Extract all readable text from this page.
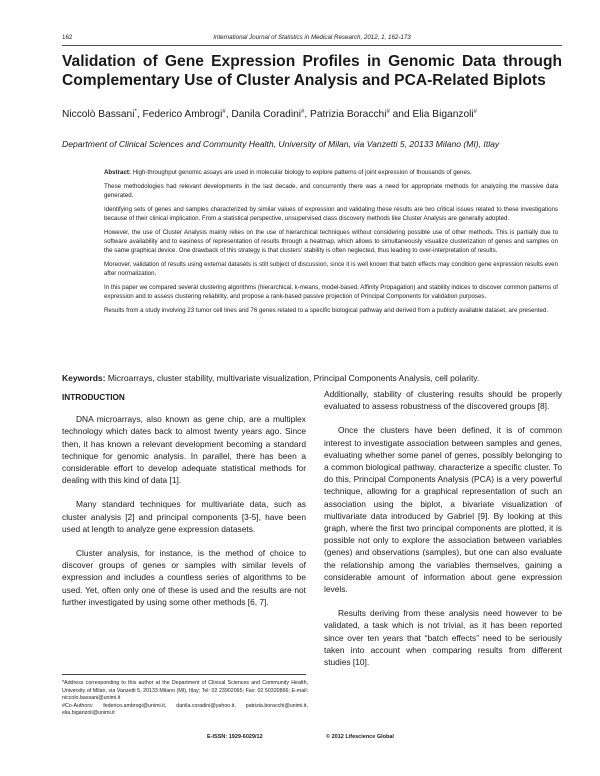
162	International Journal of Statistics in Medical Research, 2012, 1, 162-173
Validation of Gene Expression Profiles in Genomic Data through
Complementary Use of Cluster Analysis and PCA-Related Biplots
Niccolò Bassani*, Federico Ambrogi#, Danila Coradini#, Patrizia Boracchi# and Elia Biganzoli#
Department of Clinical Sciences and Community Health, University of Milan, via Vanzetti 5, 20133 Milano (MI), Itlay

Abstract: High-throughput genomic assays are used in molecular biology to explore patterns of joint expression of thousands of genes.

These methodologies had relevant developments in the last decade, and concurrently there was a need for appropriate methods for analyzing the massive data generated.

Identifying sets of genes and samples characterized by similar values of expression and validating these results are two critical issues related to these investigations because of their clinical implication. From a statistical perspective, unsupervised class discovery methods like Cluster Analysis are generally adopted.

However, the use of Cluster Analysis mainly relies on the use of hierarchical techniques without considering possible use of other methods. This is partially due to software availability and to easiness of representation of results through a heatmap, which allows to simultaneously visualize clusterization of genes and samples on the same graphical device. One drawback of this strategy is that clusters' stability is often neglected, thus leading to over-interpretation of results.

Moreover, validation of results using external datasets is still subject of discussion, since it is well known that batch effects may condition gene expression results even after normalization.

In this paper we compared several clustering algorithms (hierarchical, k-means, model-based, Affinity Propagation) and stability indices to discover common patterns of expression and to assess clustering reliability, and propose a rank-based passive projection of Principal Components for validation purposes.

Results from a study involving 23 tumor cell lines and 76 genes related to a specific biological pathway and derived from a publicly available dataset, are presented.

Keywords: Microarrays, cluster stability, multivariate visualization, Principal Components Analysis, cell polarity.
INTRODUCTION

DNA microarrays, also known as gene chip, are a multiplex technology which dates back to almost twenty years ago. Since then, it has known a relevant development becoming a standard technique for genomic analysis. In parallel, there has been a considerable effort to develop adequate statistical methods for dealing with this kind of data [1].

Many standard techniques for multivariate data, such as cluster analysis [2] and principal components [3-5], have been used at length to analyze gene expression datasets.

Cluster analysis, for instance, is the method of choice to discover groups of genes or samples with similar levels of expression and includes a countless series of algorithms to be used. Yet, often only one of these is used and the results are not further investigated by using some other methods [6, 7].

Additionally, stability of clustering results should be properly evaluated to assess robustness of the discovered groups [8].

Once the clusters have been defined, it is of common interest to investigate association between samples and genes, evaluating whether some panel of genes, possibly belonging to a common biological pathway, characterize a specific cluster. To do this, Principal Components Analysis (PCA) is a very powerful technique, allowing for a graphical representation of such an association using the biplot, a bivariate visualization of multivariate data introduced by Gabriel [9]. By looking at this graph, where the first two principal components are plotted, it is possible not only to explore the association between variables (genes) and observations (samples), but one can also evaluate the relationship among the variables themselves, gaining a considerable amount of information about gene expression levels.

Results deriving from these analysis need however to be validated, a task which is not trivial, as it has been reported since over ten years that “batch effects” need to be seriously taken into account when comparing results from different studies [10].

*Address corresponding to this author at the Department of Clinical Sciences and Community Health, University of Milan, via Vanzetti 5, 20133 Milano (MI), Itlay; Tel: 02 23902065; Fax: 02 50320866; E-mail: niccolo.bassani@unimi.it
#Co-Authors: federico.ambrogi@unimi.it, danila.coradini@yahoo.it, patrizia.boracchi@unimi.it, elia.biganzoli@unimi.it
E-ISSN: 1929-6029/12	© 2012 Lifescience Global
